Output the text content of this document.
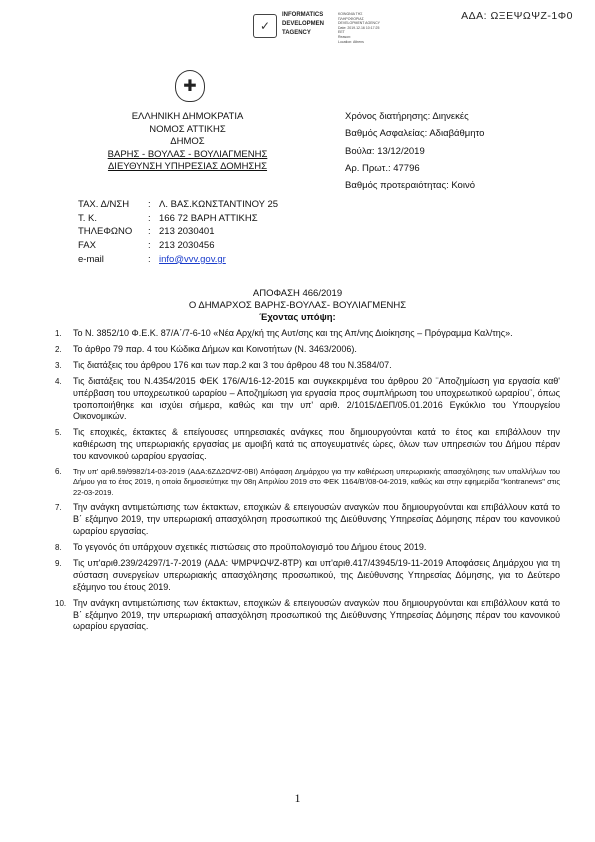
ΑΔΑ: ΩΞΕΨΩΨΖ-1Φ0
✓
INFORMATICS
DEVELOPMEN
TAGENCY
ΚΟΙΝΩΝΙΑ ΤΗΣ
ΠΛΗΡΟΦΟΡΙΑΣ
DEVELOPMENT AGENCY
Date: 2019.12.16 10:17:25
EET
Reason:
Location: Athens
✚
ΕΛΛΗΝΙΚΗ ΔΗΜΟΚΡΑΤΙΑ
ΝΟΜΟΣ ΑΤΤΙΚΗΣ
ΔΗΜΟΣ
ΒΑΡΗΣ - ΒΟΥΛΑΣ - ΒΟΥΛΙΑΓΜΕΝΗΣ
ΔΙΕΥΘΥΝΣΗ ΥΠΗΡΕΣΙΑΣ ΔΟΜΗΣΗΣ
Χρόνος διατήρησης: Διηνεκές
Βαθμός Ασφαλείας: Αδιαβάθμητο
Βούλα: 13/12/2019
Αρ. Πρωτ.: 47796
Βαθμός προτεραιότητας: Κοινό
ΤΑΧ. Δ/ΝΣΗ	: Λ. ΒΑΣ.ΚΩΝΣΤΑΝΤΙΝΟΥ 25
Τ. Κ.	: 166 72 ΒΑΡΗ ΑΤΤΙΚΗΣ
ΤΗΛΕΦΩΝΟ	: 213 2030401
FAX	: 213 2030456
e-mail	: info@vvv.gov.gr
ΑΠΟΦΑΣΗ 466/2019
Ο ΔΗΜΑΡΧΟΣ ΒΑΡΗΣ-ΒΟΥΛΑΣ- ΒΟΥΛΙΑΓΜΕΝΗΣ
Έχοντας υπόψη:
1.	Το Ν. 3852/10 Φ.Ε.Κ. 87/Α΄/7-6-10 «Νέα Αρχ/κή της Αυτ/σης και της Απ/νης Διοίκησης – Πρόγραμμα Καλ/της».
2.	Το άρθρο 79 παρ. 4 του Κώδικα Δήμων και Κοινοτήτων (Ν. 3463/2006).
3.	Τις διατάξεις του άρθρου 176 και των παρ.2 και 3 του άρθρου 48 του Ν.3584/07.
4.	Τις διατάξεις του Ν.4354/2015 ΦΕΚ 176/Α/16-12-2015 και συγκεκριμένα του άρθρου 20 ¨Αποζημίωση για εργασία καθ' υπέρβαση του υποχρεωτικού ωραρίου – Αποζημίωση για εργασία προς συμπλήρωση του υποχρεωτικού ωραρίου¨, όπως τροποποιήθηκε και ισχύει σήμερα, καθώς και την υπ' αριθ. 2/1015/ΔΕΠ/05.01.2016 Εγκύκλιο του Υπουργείου Οικονομικών.
5.	Τις εποχικές, έκτακτες & επείγουσες υπηρεσιακές ανάγκες που δημιουργούνται κατά το έτος και επιβάλλουν την καθιέρωση της υπερωριακής εργασίας με αμοιβή κατά τις απογευματινές ώρες, όλων των υπηρεσιών του Δήμου πέραν του κανονικού ωραρίου εργασίας.
6.	Την υπ' αριθ.59/9982/14-03-2019 (ΑΔΑ:6ΖΔ2ΩΨΖ-0ΒΙ) Απόφαση Δημάρχου για την καθιέρωση υπερωριακής απασχόλησης των υπαλλήλων του Δήμου για το έτος 2019, η οποία δημοσιεύτηκε την 08η Απριλίου 2019 στο ΦΕΚ 1164/Β'/08-04-2019, καθώς και στην εφημερίδα "kontranews" στις 22-03-2019.
7.	Την ανάγκη αντιμετώπισης των έκτακτων, εποχικών & επειγουσών αναγκών που δημιουργούνται και επιβάλλουν κατά το Β΄ εξάμηνο 2019, την υπερωριακή απασχόληση προσωπικού της Διεύθυνσης Υπηρεσίας Δόμησης πέραν του κανονικού ωραρίου εργασίας.
8.	Το γεγονός ότι υπάρχουν σχετικές πιστώσεις στο προϋπολογισμό του Δήμου έτους 2019.
9.	Τις υπ'αριθ.239/24297/1-7-2019 (ΑΔΑ: ΨΜΡΨΩΨΖ-8ΤΡ) και υπ'αριθ.417/43945/19-11-2019 Αποφάσεις Δημάρχου για τη σύσταση συνεργείων υπερωριακής απασχόλησης προσωπικού, της Διεύθυνσης Υπηρεσίας Δόμησης, για το Δεύτερο εξάμηνο του έτους 2019.
10. Την ανάγκη αντιμετώπισης των έκτακτων, εποχικών & επειγουσών αναγκών που δημιουργούνται και επιβάλλουν κατά το Β΄ εξάμηνο 2019, την υπερωριακή απασχόληση προσωπικού της Διεύθυνσης Υπηρεσίας Δόμησης πέραν του κανονικού ωραρίου εργασίας.
1
